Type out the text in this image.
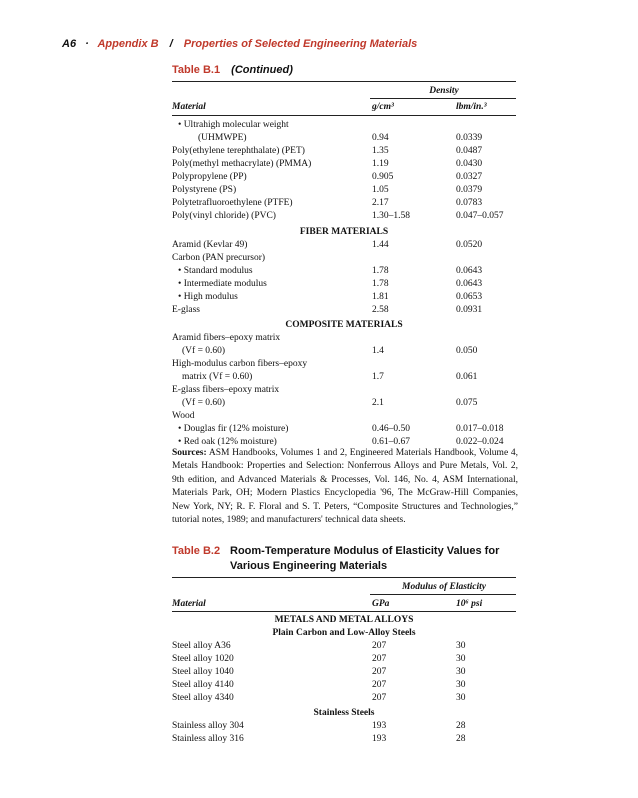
A6 · Appendix B / Properties of Selected Engineering Materials
Table B.1 (Continued)
Density
Material	g/cm³	lbm/in.³
• Ultrahigh molecular weight
(UHMWPE)	0.94	0.0339
Poly(ethylene terephthalate) (PET)	1.35	0.0487
Poly(methyl methacrylate) (PMMA)	1.19	0.0430
Polypropylene (PP)	0.905	0.0327
Polystyrene (PS)	1.05	0.0379
Polytetrafluoroethylene (PTFE)	2.17	0.0783
Poly(vinyl chloride) (PVC)	1.30–1.58	0.047–0.057
FIBER MATERIALS
Aramid (Kevlar 49)	1.44	0.0520
Carbon (PAN precursor)
• Standard modulus	1.78	0.0643
• Intermediate modulus	1.78	0.0643
• High modulus	1.81	0.0653
E-glass	2.58	0.0931
COMPOSITE MATERIALS
Aramid fibers–epoxy matrix
(Vf = 0.60)	1.4	0.050
High-modulus carbon fibers–epoxy
matrix (Vf = 0.60)	1.7	0.061
E-glass fibers–epoxy matrix
(Vf = 0.60)	2.1	0.075
Wood
• Douglas fir (12% moisture)	0.46–0.50	0.017–0.018
• Red oak (12% moisture)	0.61–0.67	0.022–0.024
Sources: ASM Handbooks, Volumes 1 and 2, Engineered Materials Handbook, Volume 4, Metals Handbook: Properties and Selection: Nonferrous Alloys and Pure Metals, Vol. 2, 9th edition, and Advanced Materials & Processes, Vol. 146, No. 4, ASM International, Materials Park, OH; Modern Plastics Encyclopedia '96, The McGraw-Hill Companies, New York, NY; R. F. Floral and S. T. Peters, “Composite Structures and Technologies,” tutorial notes, 1989; and manufacturers' technical data sheets.
Table B.2 Room-Temperature Modulus of Elasticity Values for Various Engineering Materials
Modulus of Elasticity
Material	GPa	10⁶ psi
METALS AND METAL ALLOYS
Plain Carbon and Low-Alloy Steels
Steel alloy A36	207	30
Steel alloy 1020	207	30
Steel alloy 1040	207	30
Steel alloy 4140	207	30
Steel alloy 4340	207	30
Stainless Steels
Stainless alloy 304	193	28
Stainless alloy 316	193	28
